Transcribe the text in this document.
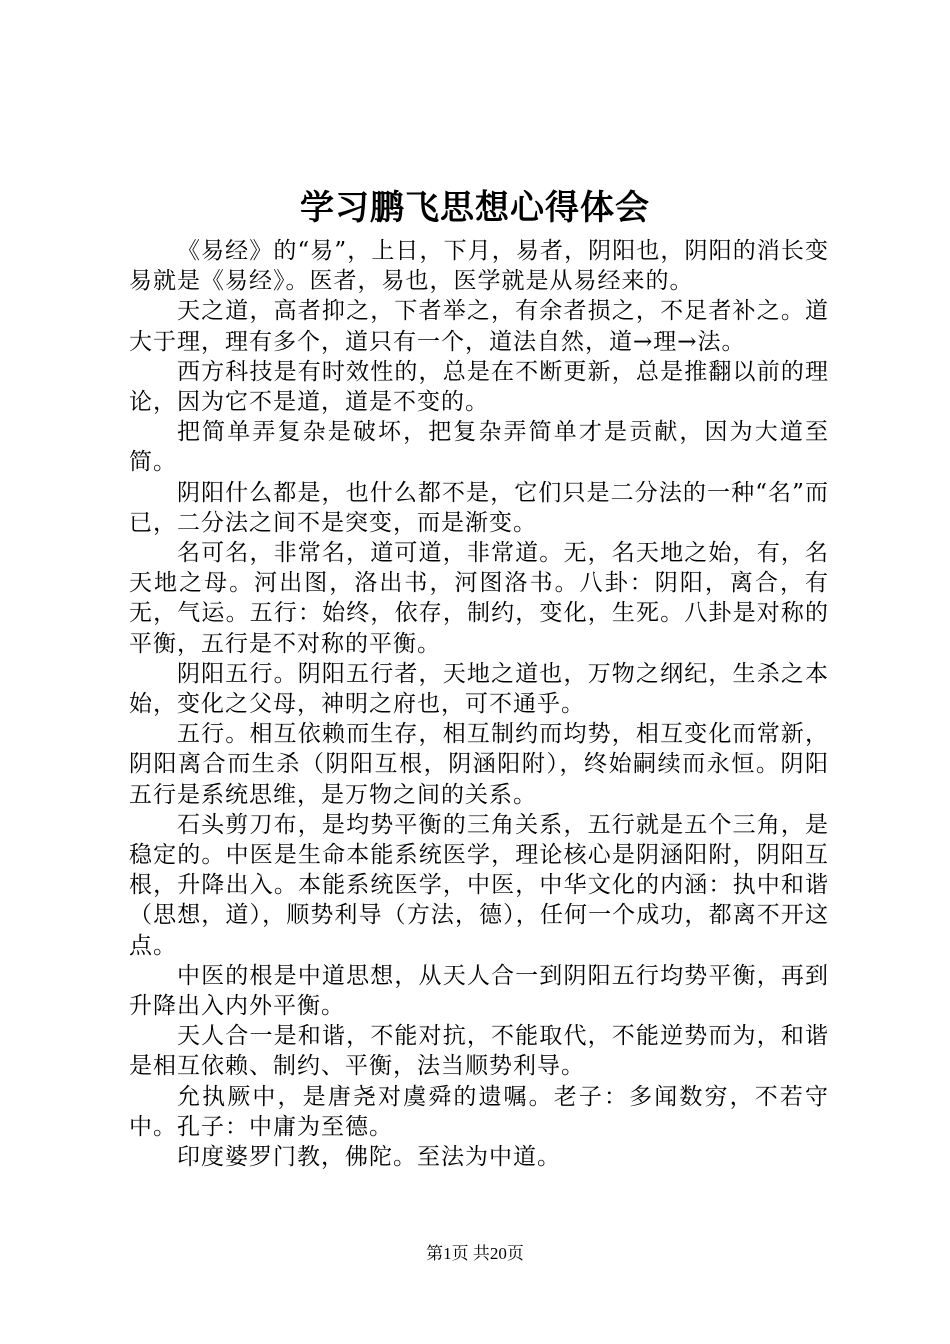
学习鹏飞思想心得体会

《易经》的“易”，上日，下月，易者，阴阳也，阴阳的消长变易就是《易经》。医者，易也，医学就是从易经来的。

天之道，高者抑之，下者举之，有余者损之，不足者补之。道大于理，理有多个，道只有一个，道法自然，道→理→法。

西方科技是有时效性的，总是在不断更新，总是推翻以前的理论，因为它不是道，道是不变的。

把简单弄复杂是破坏，把复杂弄简单才是贡献，因为大道至简。

阴阳什么都是，也什么都不是，它们只是二分法的一种“名”而已，二分法之间不是突变，而是渐变。

名可名，非常名，道可道，非常道。无，名天地之始，有，名天地之母。河出图，洛出书，河图洛书。八卦：阴阳，离合，有无，气运。五行：始终，依存，制约，变化，生死。八卦是对称的平衡，五行是不对称的平衡。

阴阳五行。阴阳五行者，天地之道也，万物之纲纪，生杀之本始，变化之父母，神明之府也，可不通乎。

五行。相互依赖而生存，相互制约而均势，相互变化而常新，阴阳离合而生杀（阴阳互根，阴涵阳附），终始嗣续而永恒。阴阳五行是系统思维，是万物之间的关系。

石头剪刀布，是均势平衡的三角关系，五行就是五个三角，是稳定的。中医是生命本能系统医学，理论核心是阴涵阳附，阴阳互根，升降出入。本能系统医学，中医，中华文化的内涵：执中和谐（思想，道），顺势利导（方法，德），任何一个成功，都离不开这点。

中医的根是中道思想，从天人合一到阴阳五行均势平衡，再到升降出入内外平衡。

天人合一是和谐，不能对抗，不能取代，不能逆势而为，和谐是相互依赖、制约、平衡，法当顺势利导。

允执厥中，是唐尧对虞舜的遗嘱。老子：多闻数穷，不若守中。孔子：中庸为至德。

印度婆罗门教，佛陀。至法为中道。

第1页 共20页
